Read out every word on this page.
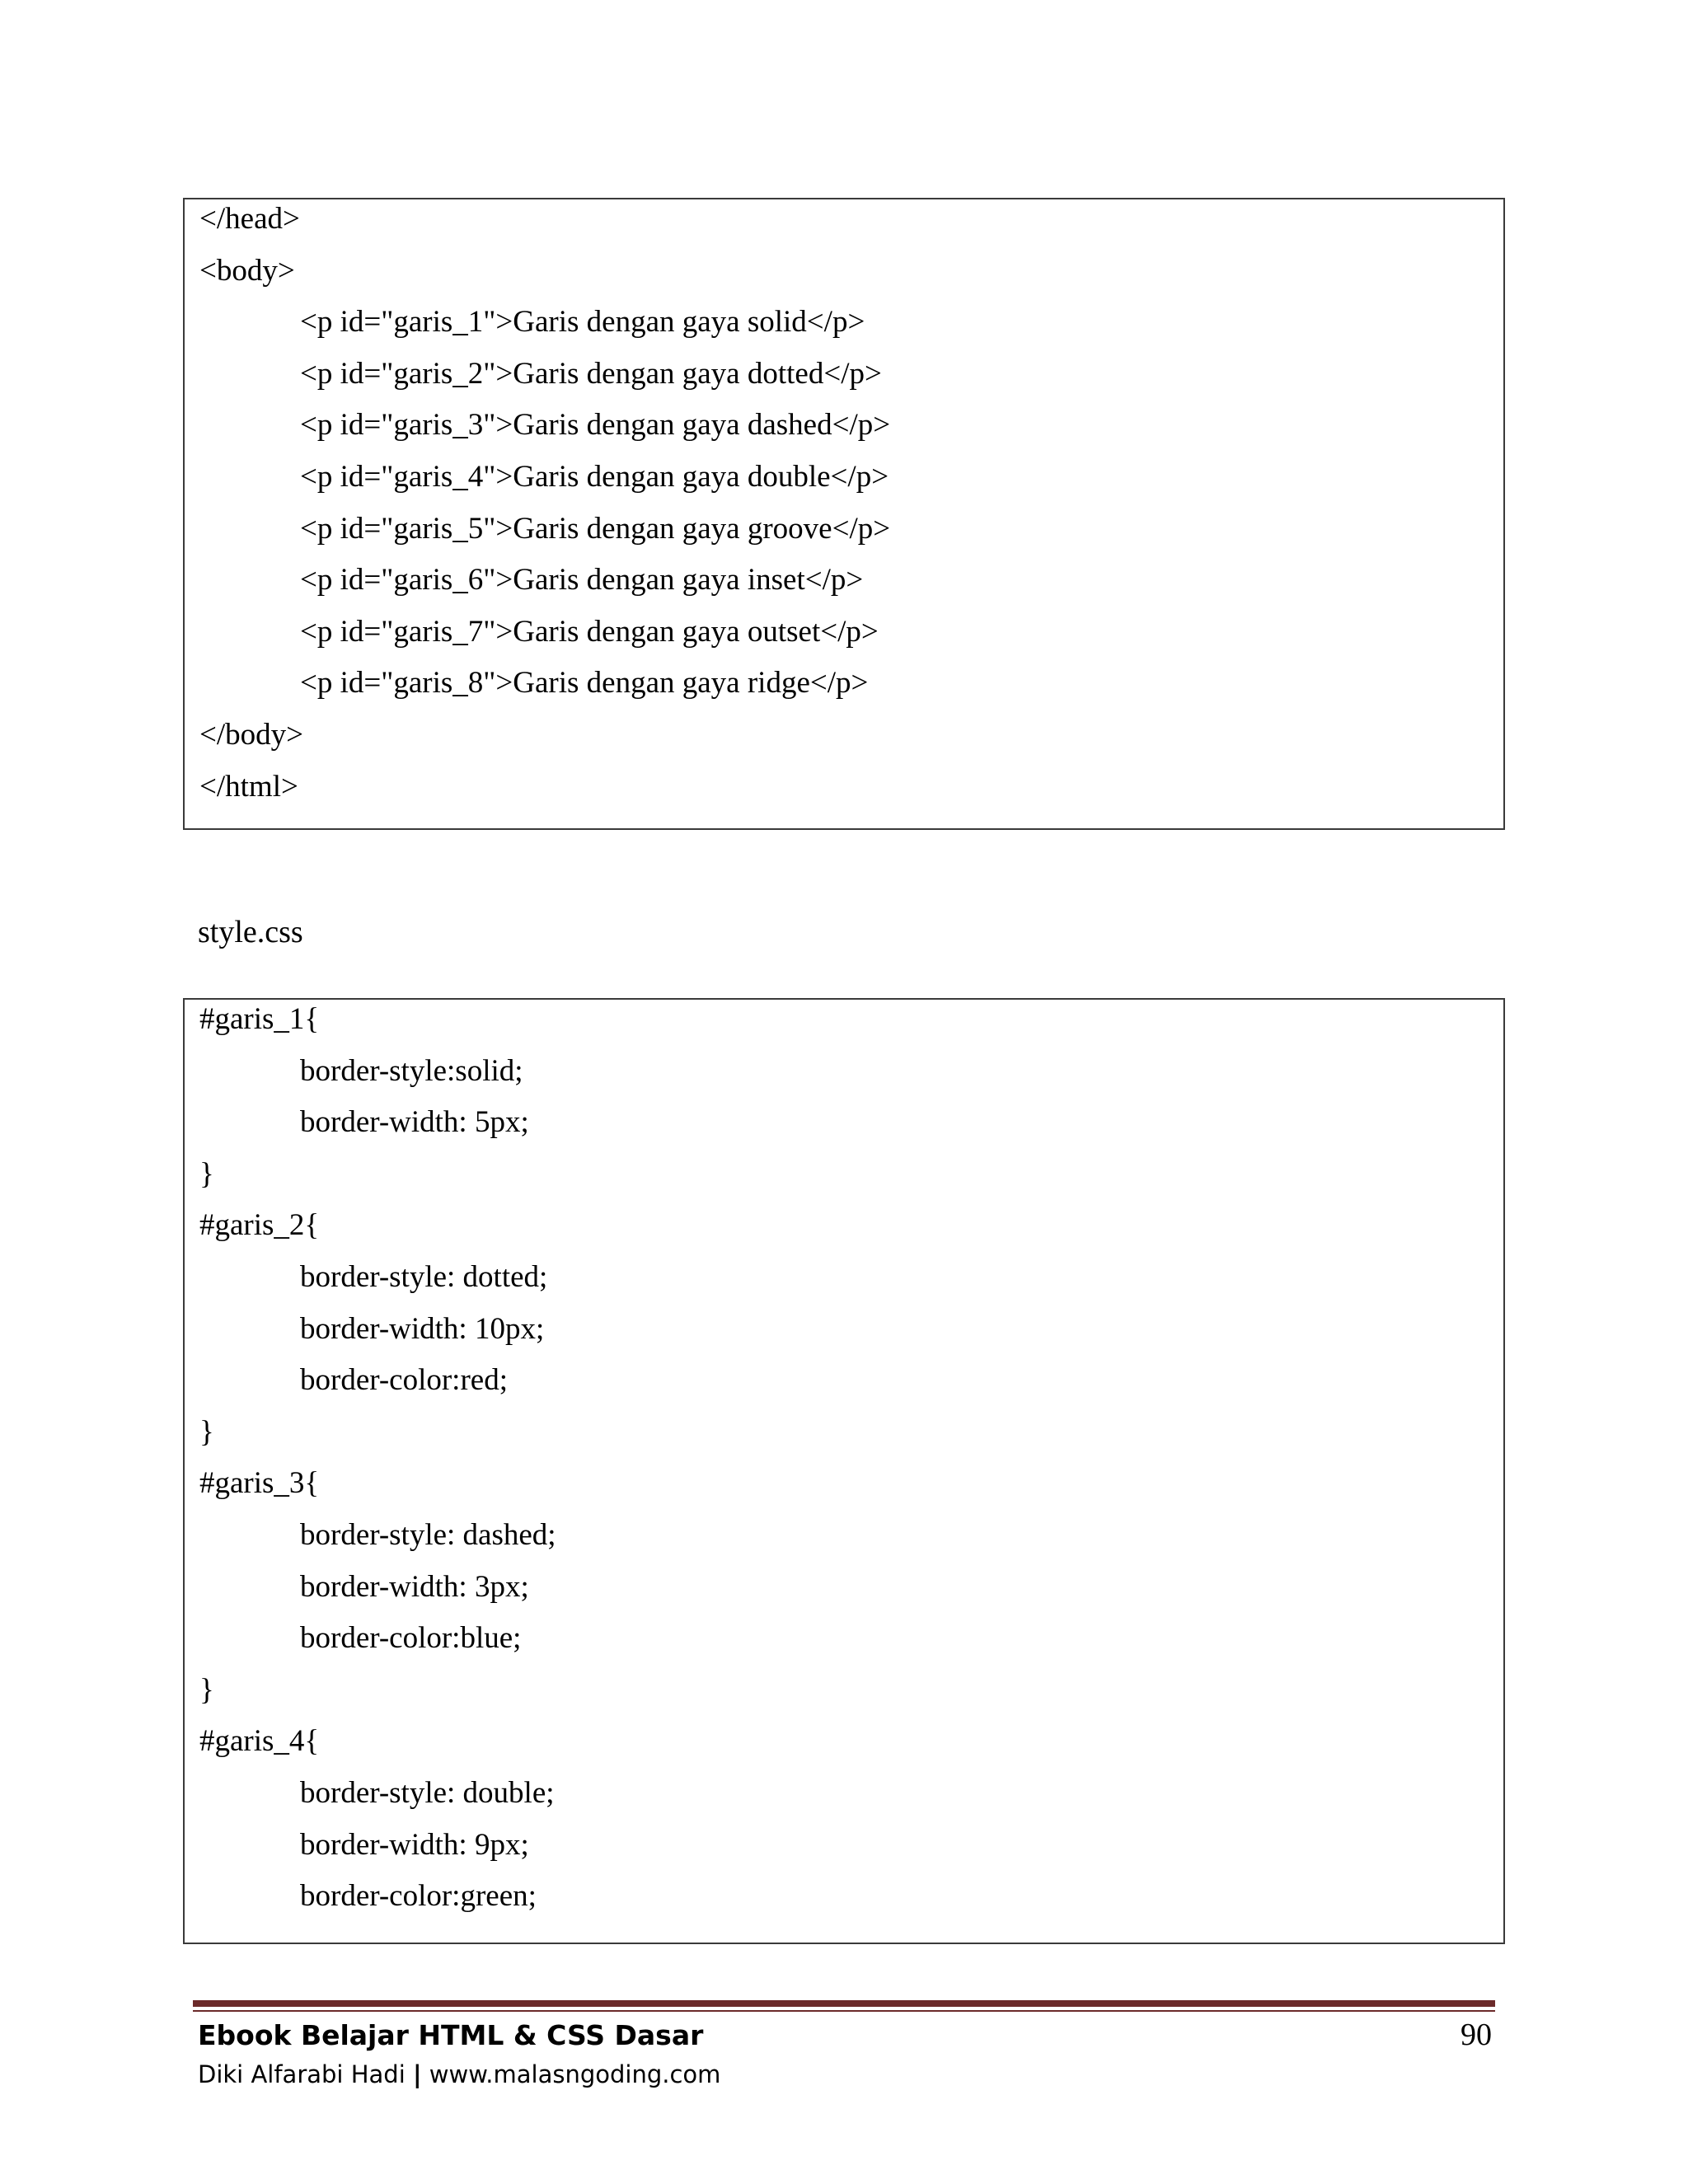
</head>
<body>
<p id="garis_1">Garis dengan gaya solid</p>
<p id="garis_2">Garis dengan gaya dotted</p>
<p id="garis_3">Garis dengan gaya dashed</p>
<p id="garis_4">Garis dengan gaya double</p>
<p id="garis_5">Garis dengan gaya groove</p>
<p id="garis_6">Garis dengan gaya inset</p>
<p id="garis_7">Garis dengan gaya outset</p>
<p id="garis_8">Garis dengan gaya ridge</p>
</body>
</html>
style.css
#garis_1{
border-style:solid;
border-width: 5px;
}
#garis_2{
border-style: dotted;
border-width: 10px;
border-color:red;
}
#garis_3{
border-style: dashed;
border-width: 3px;
border-color:blue;
}
#garis_4{
border-style: double;
border-width: 9px;
border-color:green;
Ebook Belajar HTML & CSS Dasar
Diki Alfarabi Hadi | www.malasngoding.com
90
